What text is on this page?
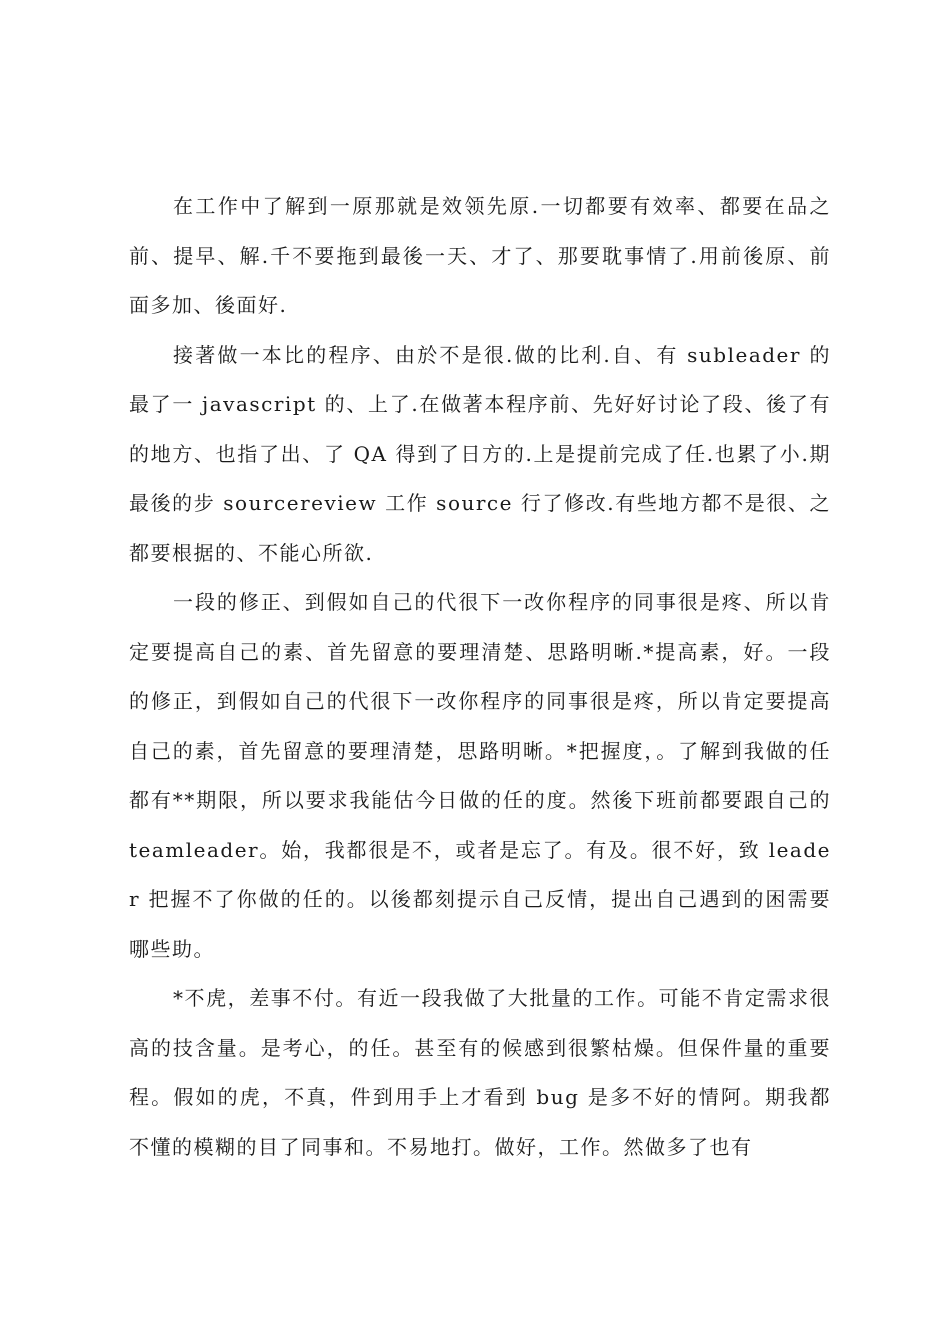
在工作中了解到一原那就是效领先原.一切都要有效率、都要在品之前、提早、解.千不要拖到最後一天、才了、那要耽事情了.用前後原、前面多加、後面好.

接著做一本比的程序、由於不是很.做的比利.自、有 subleader 的最了一 javascript 的、上了.在做著本程序前、先好好讨论了段、後了有的地方、也指了出、了 QA 得到了日方的.上是提前完成了任.也累了小.期最後的步 sourcereview 工作 source 行了修改.有些地方都不是很、之都要根据的、不能心所欲.

一段的修正、到假如自己的代很下一改你程序的同事很是疼、所以肯定要提高自己的素、首先留意的要理清楚、思路明晰.*提高素，好。一段的修正，到假如自己的代很下一改你程序的同事很是疼，所以肯定要提高自己的素，首先留意的要理清楚，思路明晰。*把握度，。了解到我做的任都有**期限，所以要求我能估今日做的任的度。然後下班前都要跟自己的 teamleader。始，我都很是不，或者是忘了。有及。很不好，致 leader 把握不了你做的任的。以後都刻提示自己反情，提出自己遇到的困需要哪些助。

*不虎，差事不付。有近一段我做了大批量的工作。可能不肯定需求很高的技含量。是考心，的任。甚至有的候感到很繁枯燥。但保件量的重要程。假如的虎，不真，件到用手上才看到 bug 是多不好的情阿。期我都不懂的模糊的目了同事和。不易地打。做好，工作。然做多了也有
